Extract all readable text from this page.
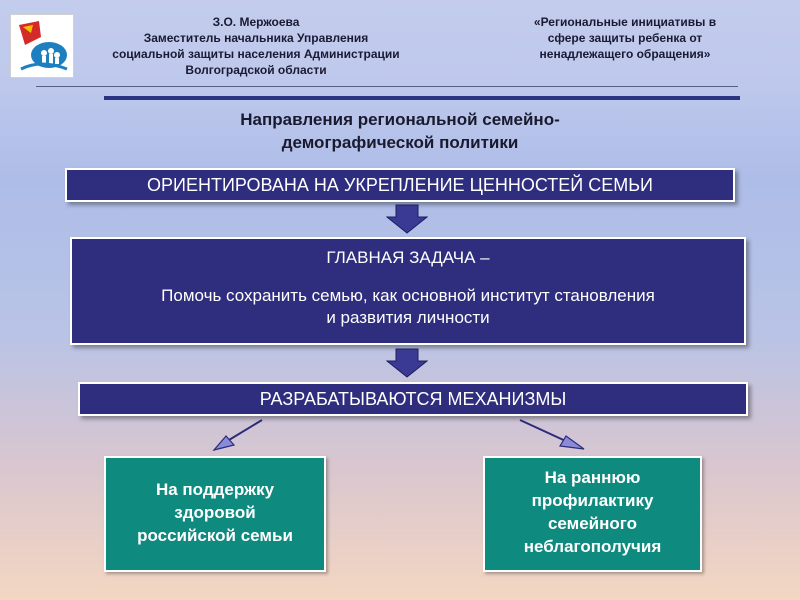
З.О. Мержоева
Заместитель начальника Управления
социальной защиты населения Администрации
Волгоградской области
«Региональные инициативы в
сфере защиты ребенка от
ненадлежащего обращения»
Направления региональной семейно-
демографической политики
ОРИЕНТИРОВАНА НА УКРЕПЛЕНИЕ ЦЕННОСТЕЙ СЕМЬИ
ГЛАВНАЯ ЗАДАЧА –
Помочь сохранить семью, как основной институт становления
и развития личности
РАЗРАБАТЫВАЮТСЯ МЕХАНИЗМЫ
На поддержку
здоровой
российской семьи
На раннюю
профилактику
семейного
неблагополучия
